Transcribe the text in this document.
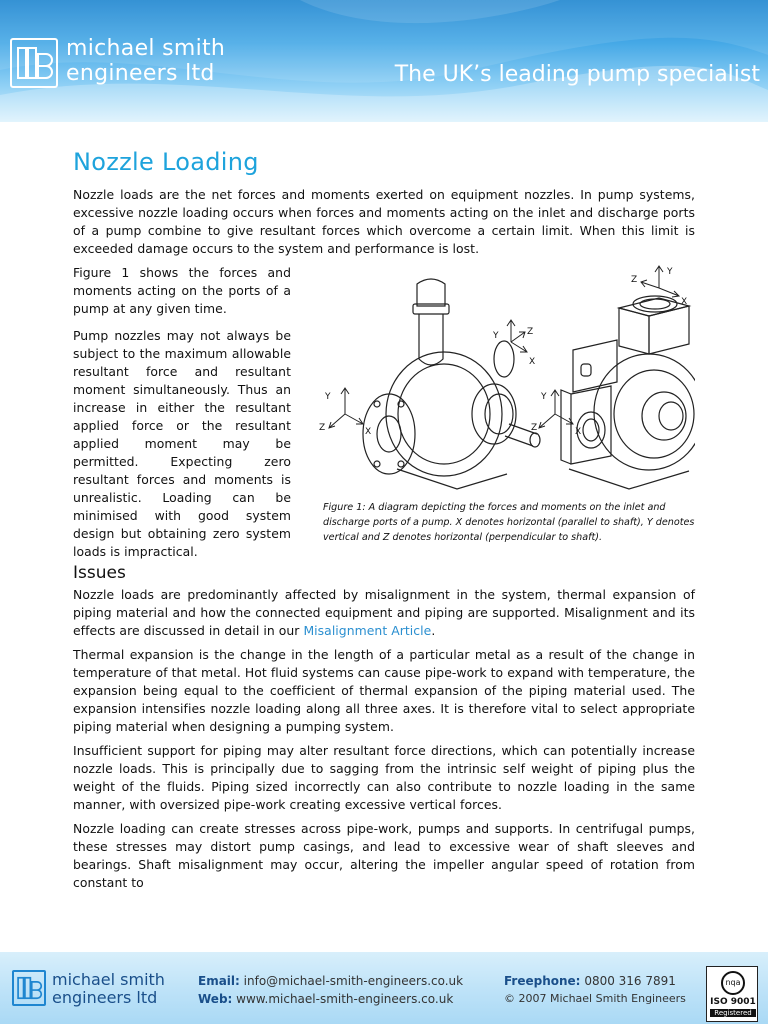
michael smith
engineers ltd	The UK’s leading pump specialist
Nozzle Loading

Nozzle loads are the net forces and moments exerted on equipment nozzles. In pump systems, excessive nozzle loading occurs when forces and moments acting on the inlet and discharge ports of a pump combine to give resultant forces which overcome a certain limit. When this limit is exceeded damage occurs to the system and performance is lost.

Figure 1 shows the forces and moments acting on the ports of a pump at any given time.

Pump nozzles may not always be subject to the maximum allowable resultant force and resultant moment simultaneously. Thus an increase in either the resultant applied force or the resultant applied moment may be permitted. Expecting zero resultant forces and moments is unrealistic. Loading can be minimised with good system design but obtaining zero system loads is impractical.

Y
Z	X
Y	Z
X
Y
Z
X
Y
Z	X
Figure 1: A diagram depicting the forces and moments on the inlet and discharge ports of a pump. X denotes horizontal (parallel to shaft), Y denotes vertical and Z denotes horizontal (perpendicular to shaft).
Issues

Nozzle loads are predominantly affected by misalignment in the system, thermal expansion of piping material and how the connected equipment and piping are supported. Misalignment and its effects are discussed in detail in our Misalignment Article.

Thermal expansion is the change in the length of a particular metal as a result of the change in temperature of that metal. Hot fluid systems can cause pipe-work to expand with temperature, the expansion being equal to the coefficient of thermal expansion of the piping material used. The expansion intensifies nozzle loading along all three axes. It is therefore vital to select appropriate piping material when designing a pumping system.

Insufficient support for piping may alter resultant force directions, which can potentially increase nozzle loads. This is principally due to sagging from the intrinsic self weight of piping plus the weight of the fluids. Piping sized incorrectly can also contribute to nozzle loading in the same manner, with oversized pipe-work creating excessive vertical forces.

Nozzle loading can create stresses across pipe-work, pumps and supports. In centrifugal pumps, these stresses may distort pump casings, and lead to excessive wear of shaft sleeves and bearings. Shaft misalignment may occur, altering the impeller angular speed of rotation from constant to

michael smith
engineers ltd
Email: info@michael-smith-engineers.co.uk
Web: www.michael-smith-engineers.co.uk
Freephone: 0800 316 7891
© 2007 Michael Smith Engineers
nqa
ISO 9001
Registered
